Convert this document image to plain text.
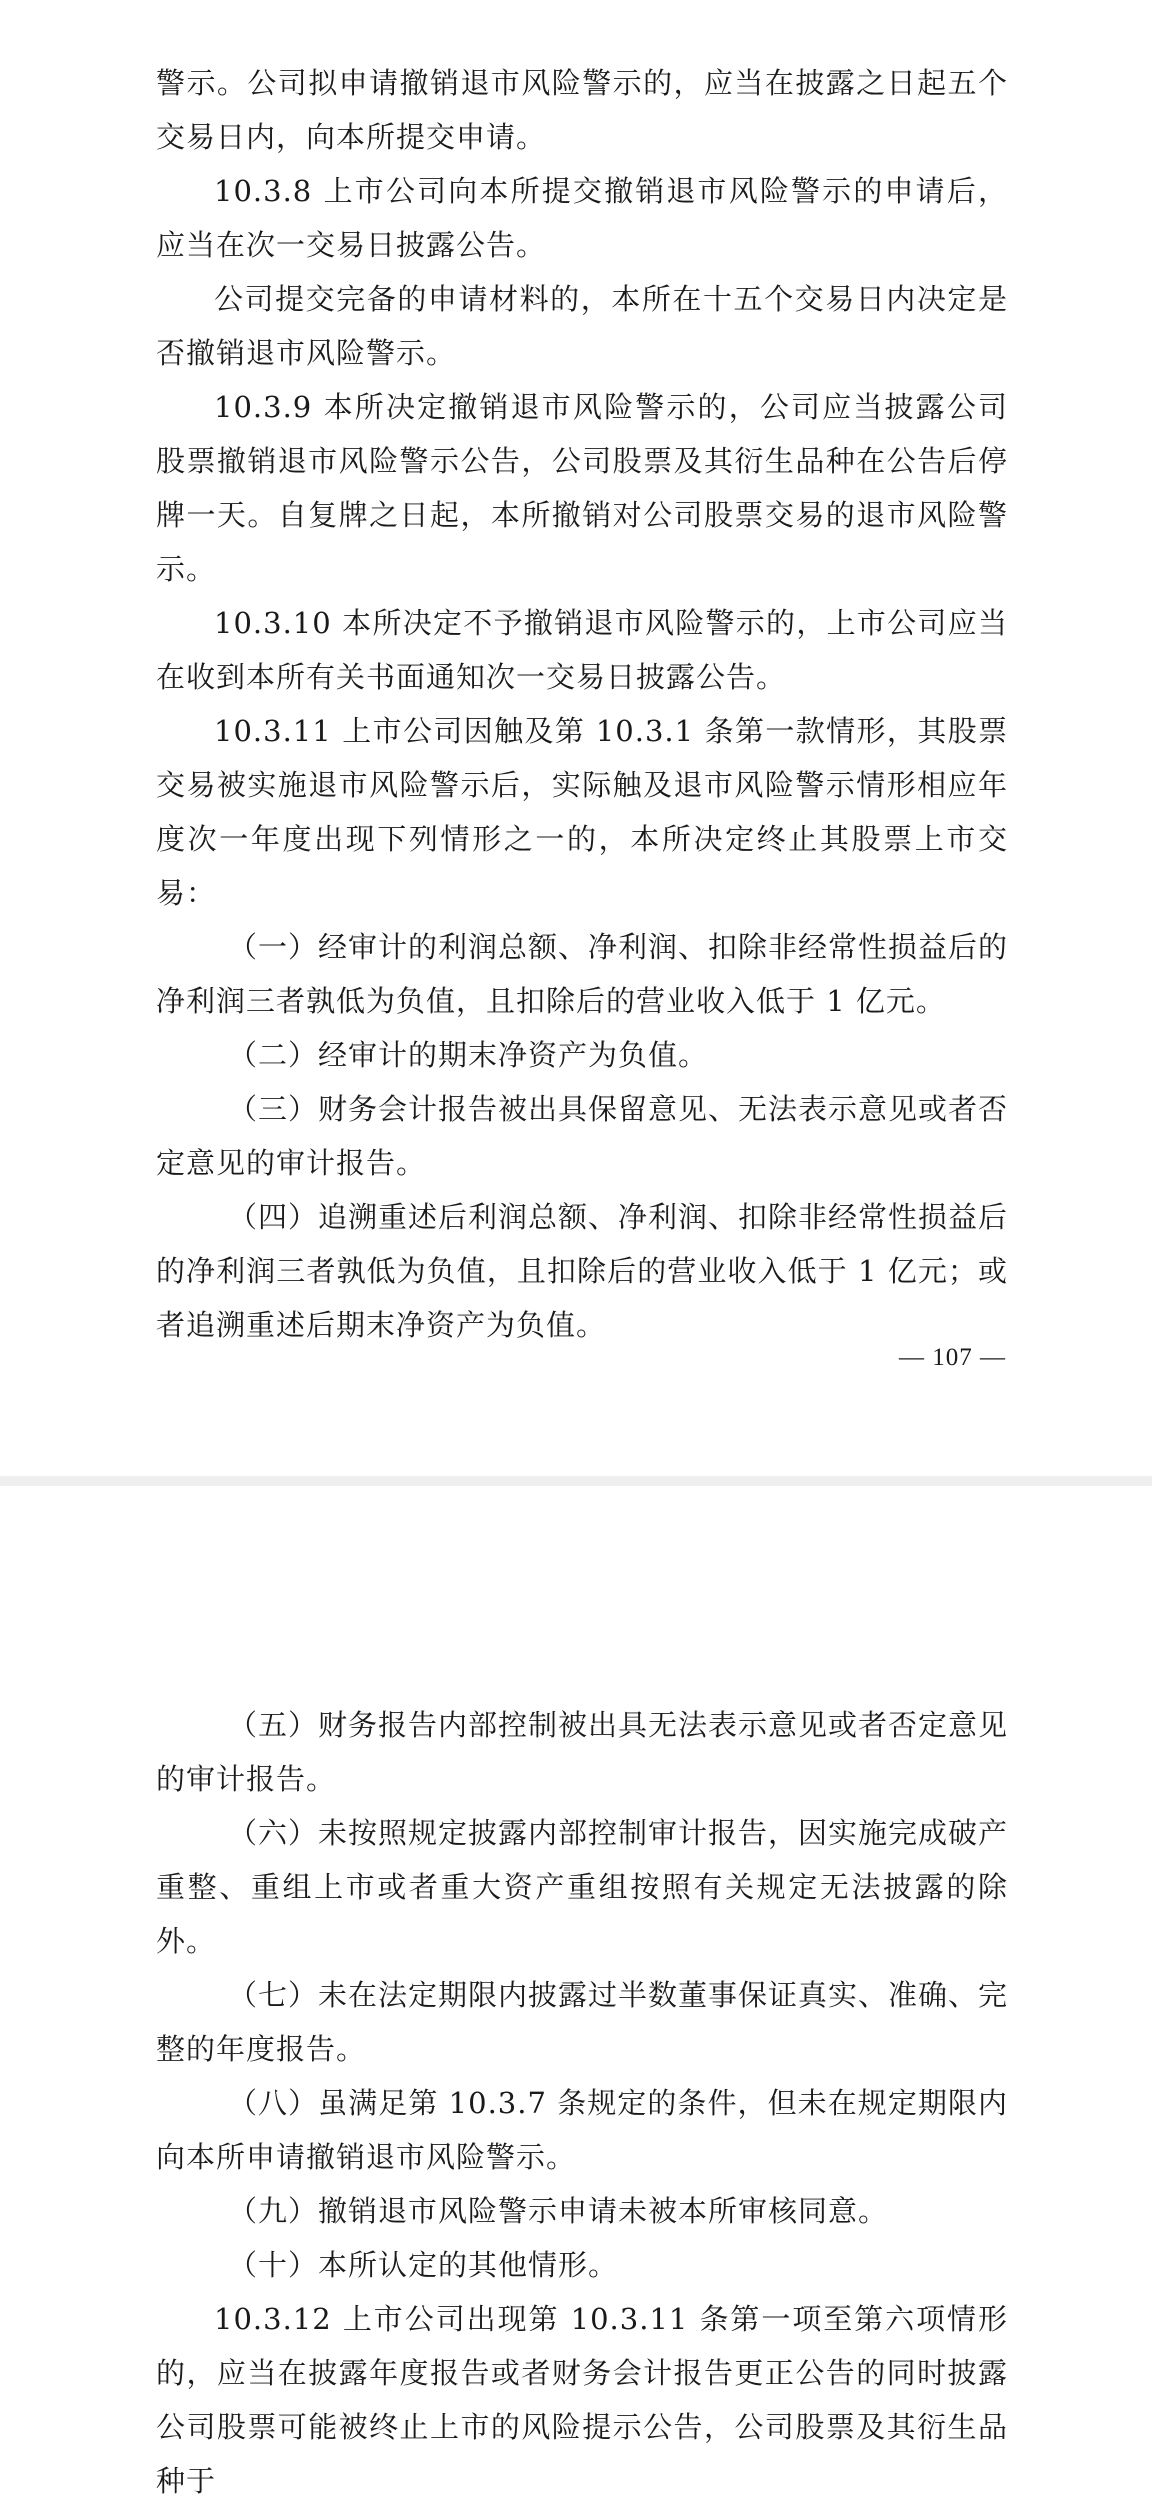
警示。公司拟申请撤销退市风险警示的，应当在披露之日起五个交易日内，向本所提交申请。

10.3.8 上市公司向本所提交撤销退市风险警示的申请后，应当在次一交易日披露公告。

公司提交完备的申请材料的，本所在十五个交易日内决定是否撤销退市风险警示。

10.3.9 本所决定撤销退市风险警示的，公司应当披露公司股票撤销退市风险警示公告，公司股票及其衍生品种在公告后停牌一天。自复牌之日起，本所撤销对公司股票交易的退市风险警示。

10.3.10 本所决定不予撤销退市风险警示的，上市公司应当在收到本所有关书面通知次一交易日披露公告。

10.3.11 上市公司因触及第 10.3.1 条第一款情形，其股票交易被实施退市风险警示后，实际触及退市风险警示情形相应年度次一年度出现下列情形之一的，本所决定终止其股票上市交易：

（一）经审计的利润总额、净利润、扣除非经常性损益后的净利润三者孰低为负值，且扣除后的营业收入低于 1 亿元。

（二）经审计的期末净资产为负值。

（三）财务会计报告被出具保留意见、无法表示意见或者否定意见的审计报告。

（四）追溯重述后利润总额、净利润、扣除非经常性损益后的净利润三者孰低为负值，且扣除后的营业收入低于 1 亿元；或者追溯重述后期末净资产为负值。

— 107 —

（五）财务报告内部控制被出具无法表示意见或者否定意见的审计报告。

（六）未按照规定披露内部控制审计报告，因实施完成破产重整、重组上市或者重大资产重组按照有关规定无法披露的除外。

（七）未在法定期限内披露过半数董事保证真实、准确、完整的年度报告。

（八）虽满足第 10.3.7 条规定的条件，但未在规定期限内向本所申请撤销退市风险警示。

（九）撤销退市风险警示申请未被本所审核同意。

（十）本所认定的其他情形。

10.3.12 上市公司出现第 10.3.11 条第一项至第六项情形的，应当在披露年度报告或者财务会计报告更正公告的同时披露公司股票可能被终止上市的风险提示公告，公司股票及其衍生品种于
